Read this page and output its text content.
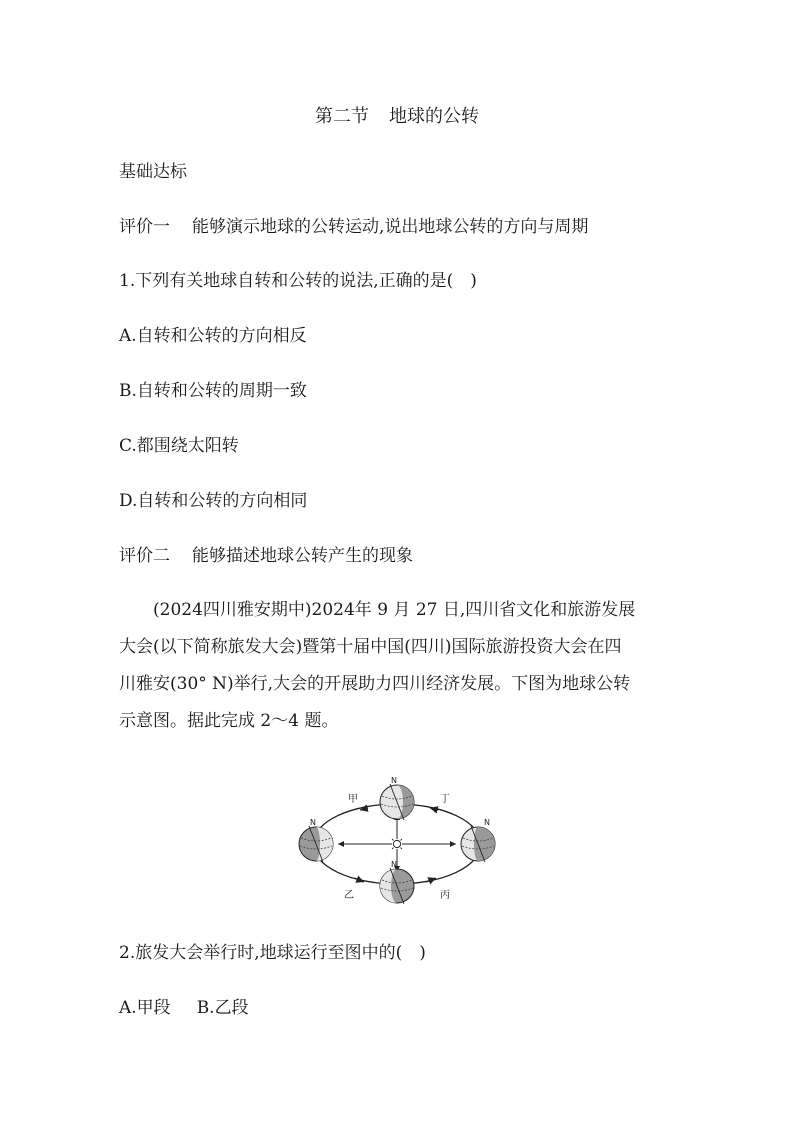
第二节 地球的公转
基础达标
评价一 能够演示地球的公转运动,说出地球公转的方向与周期
1.下列有关地球自转和公转的说法,正确的是(　)
A.自转和公转的方向相反
B.自转和公转的周期一致
C.都围绕太阳转
D.自转和公转的方向相同
评价二 能够描述地球公转产生的现象
(2024四川雅安期中)2024年 9 月 27 日,四川省文化和旅游发展
大会(以下简称旅发大会)暨第十届中国(四川)国际旅游投资大会在四
川雅安(30° N)举行,大会的开展助力四川经济发展。下图为地球公转
示意图。据此完成 2～4 题。
N
N
N
N
甲	丁
乙	丙
2.旅发大会举行时,地球运行至图中的(　)
A.甲段 B.乙段
